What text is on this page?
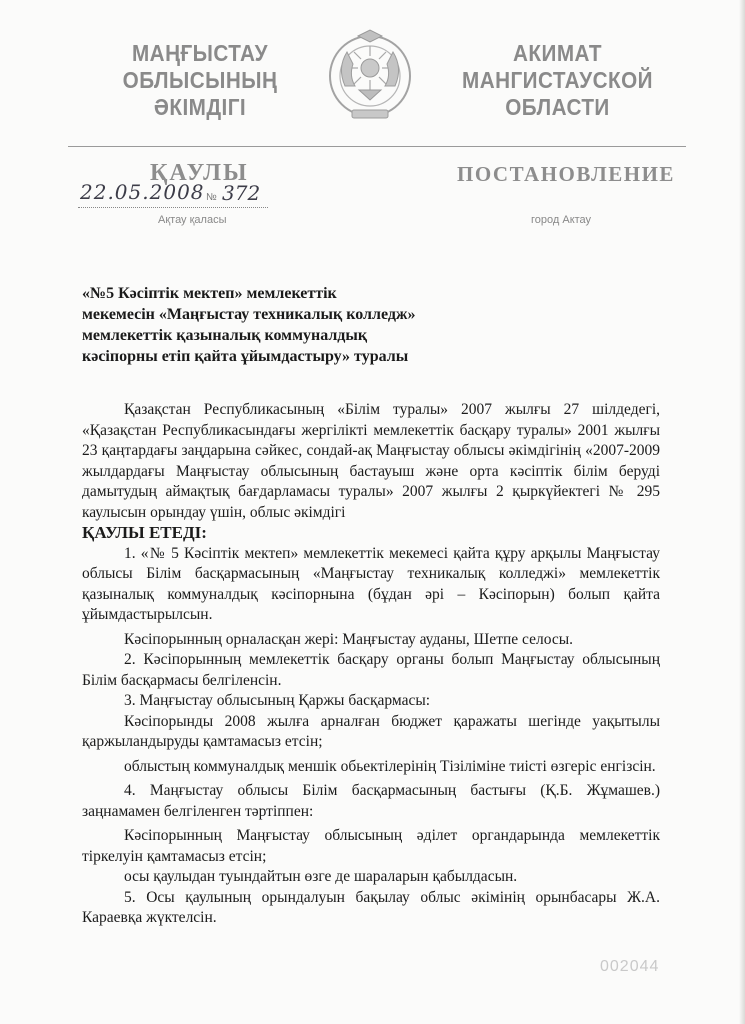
МАҢҒЫСТАУ
ОБЛЫСЫНЫҢ
ӘКІМДІГІ
АКИМАТ
МАНГИСТАУСКОЙ
ОБЛАСТИ
ҚАУЛЫ	ПОСТАНОВЛЕНИЕ
22.05.2008 № 372
Ақтау қаласы	город Актау
«№5 Кәсіптік мектеп» мемлекеттік
мекемесін «Маңғыстау техникалық колледж»
мемлекеттік қазыналық коммуналдық
кәсіпорны етіп қайта ұйымдастыру» туралы

Қазақстан Республикасының «Білім туралы» 2007 жылғы 27 шілдедегі, «Қазақстан Республикасындағы жергілікті мемлекеттік басқару туралы» 2001 жылғы 23 қаңтардағы заңдарына сәйкес, сондай-ақ Маңғыстау облысы әкімдігінің «2007-2009 жылдардағы Маңғыстау облысының бастауыш және орта кәсіптік білім беруді дамытудың аймақтық бағдарламасы туралы» 2007 жылғы 2 қыркүйектегі № 295 каулысын орындау үшін, облыс әкімдігі

ҚАУЛЫ ЕТЕДІ:

1. «№ 5 Кәсіптік мектеп» мемлекеттік мекемесі қайта құру арқылы Маңғыстау облысы Білім басқармасының «Маңғыстау техникалық колледжі» мемлекеттік қазыналық коммуналдық кәсіпорнына (бұдан әрі – Кәсіпорын) болып қайта ұйымдастырылсын.

Кәсіпорынның орналасқан жері: Маңғыстау ауданы, Шетпе селосы.

2. Кәсіпорынның мемлекеттік басқару органы болып Маңғыстау облысының Білім басқармасы белгіленсін.

3. Маңғыстау облысының Қаржы басқармасы:

Кәсіпорынды 2008 жылға арналған бюджет қаражаты шегінде уақытылы қаржыландыруды қамтамасыз етсін;

облыстың коммуналдық меншік обьектілерінің Тізіліміне тиісті өзгеріс енгізсін.

4. Маңғыстау облысы Білім басқармасының бастығы (Қ.Б. Жұмашев.) заңнамамен белгіленген тәртіппен:

Кәсіпорынның Маңғыстау облысының әділет органдарында мемлекеттік тіркелуін қамтамасыз етсін;

осы қаулыдан туындайтын өзге де шараларын қабылдасын.

5. Осы қаулының орындалуын бақылау облыс әкімінің орынбасары Ж.А. Караевқа жүктелсін.

002044
